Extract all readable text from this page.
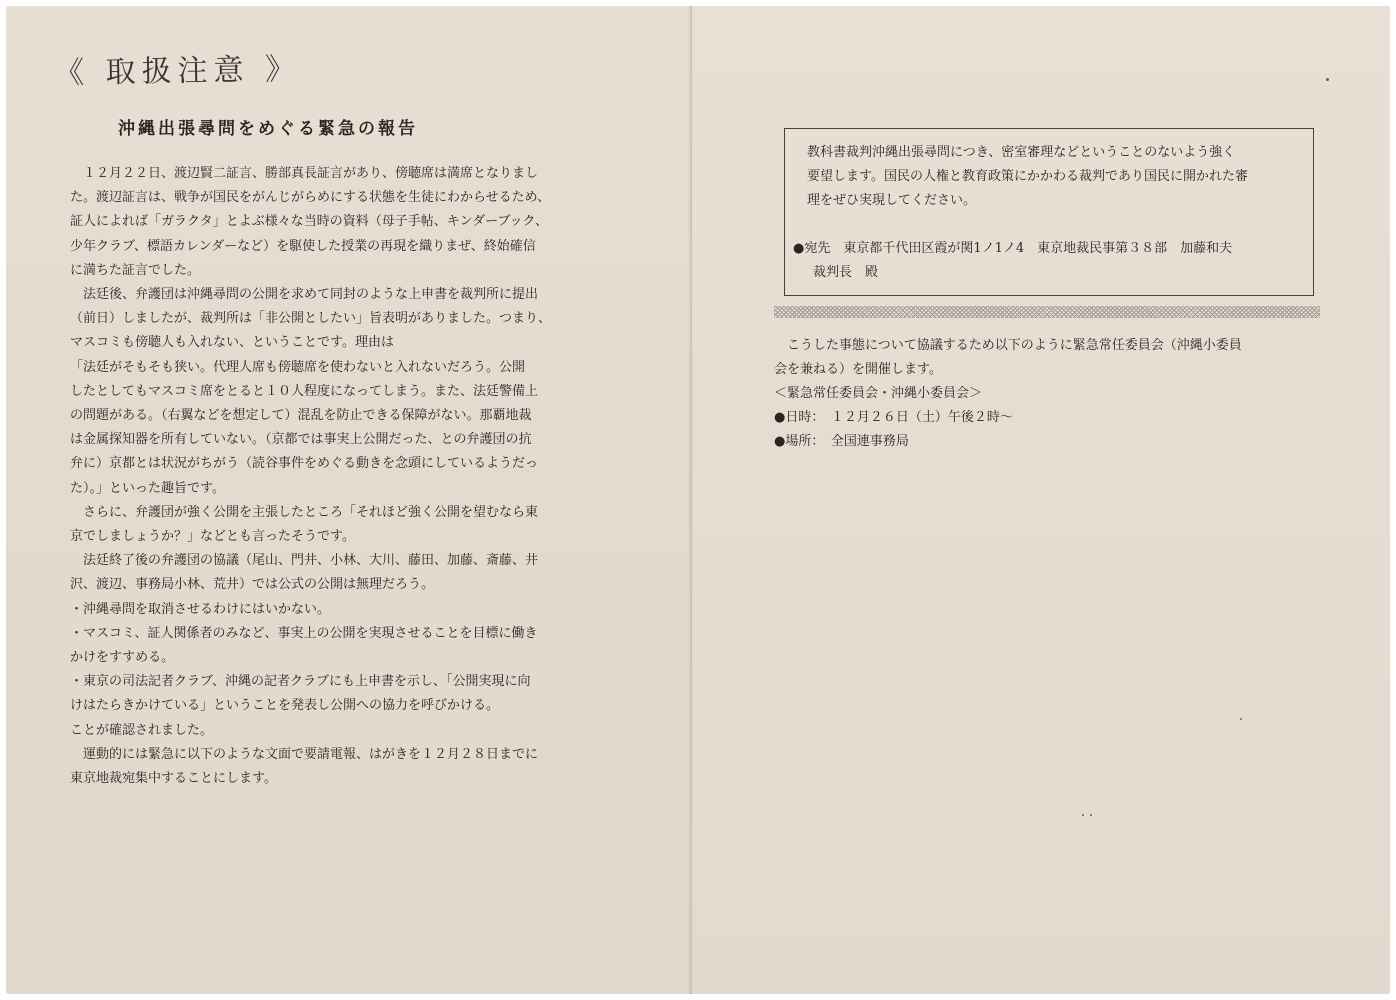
《 取扱注意 》
沖縄出張尋問をめぐる緊急の報告

　１２月２２日、渡辺賢二証言、勝部真長証言があり、傍聴席は満席となりまし

た。渡辺証言は、戦争が国民をがんじがらめにする状態を生徒にわからせるため、

証人によれば「ガラクタ」とよぶ様々な当時の資料（母子手帖、キンダーブック、

少年クラブ、標語カレンダーなど）を駆使した授業の再現を織りまぜ、終始確信

に満ちた証言でした。

　法廷後、弁護団は沖縄尋問の公開を求めて同封のような上申書を裁判所に提出

（前日）しましたが、裁判所は「非公開としたい」旨表明がありました。つまり、

マスコミも傍聴人も入れない、ということです。理由は

「法廷がそもそも狭い。代理人席も傍聴席を使わないと入れないだろう。公開

したとしてもマスコミ席をとると１０人程度になってしまう。また、法廷警備上

の問題がある。（右翼などを想定して）混乱を防止できる保障がない。那覇地裁

は金属探知器を所有していない。（京都では事実上公開だった、との弁護団の抗

弁に）京都とは状況がちがう（読谷事件をめぐる動きを念頭にしているようだっ

た）。」といった趣旨です。

　さらに、弁護団が強く公開を主張したところ「それほど強く公開を望むなら東

京でしましょうか？」などとも言ったそうです。

　法廷終了後の弁護団の協議（尾山、門井、小林、大川、藤田、加藤、斎藤、井

沢、渡辺、事務局小林、荒井）では公式の公開は無理だろう。

・沖縄尋問を取消させるわけにはいかない。

・マスコミ、証人関係者のみなど、事実上の公開を実現させることを目標に働き

かけをすすめる。

・東京の司法記者クラブ、沖縄の記者クラブにも上申書を示し、「公開実現に向

けはたらきかけている」ということを発表し公開への協力を呼びかける。

ことが確認されました。

　運動的には緊急に以下のような文面で要請電報、はがきを１２月２８日までに

東京地裁宛集中することにします。

教科書裁判沖縄出張尋問につき、密室審理などということのないよう強く
要望します。国民の人権と教育政策にかかわる裁判であり国民に開かれた審
理をぜひ実現してください。
●宛先　東京都千代田区霞が関1ノ1ノ4　東京地裁民事第３８部　加藤和夫
裁判長　殿

　こうした事態について協議するため以下のように緊急常任委員会（沖縄小委員

会を兼ねる）を開催します。

＜緊急常任委員会・沖縄小委員会＞

●日時：　１２月２６日（土）午後２時～

●場所：　全国連事務局
